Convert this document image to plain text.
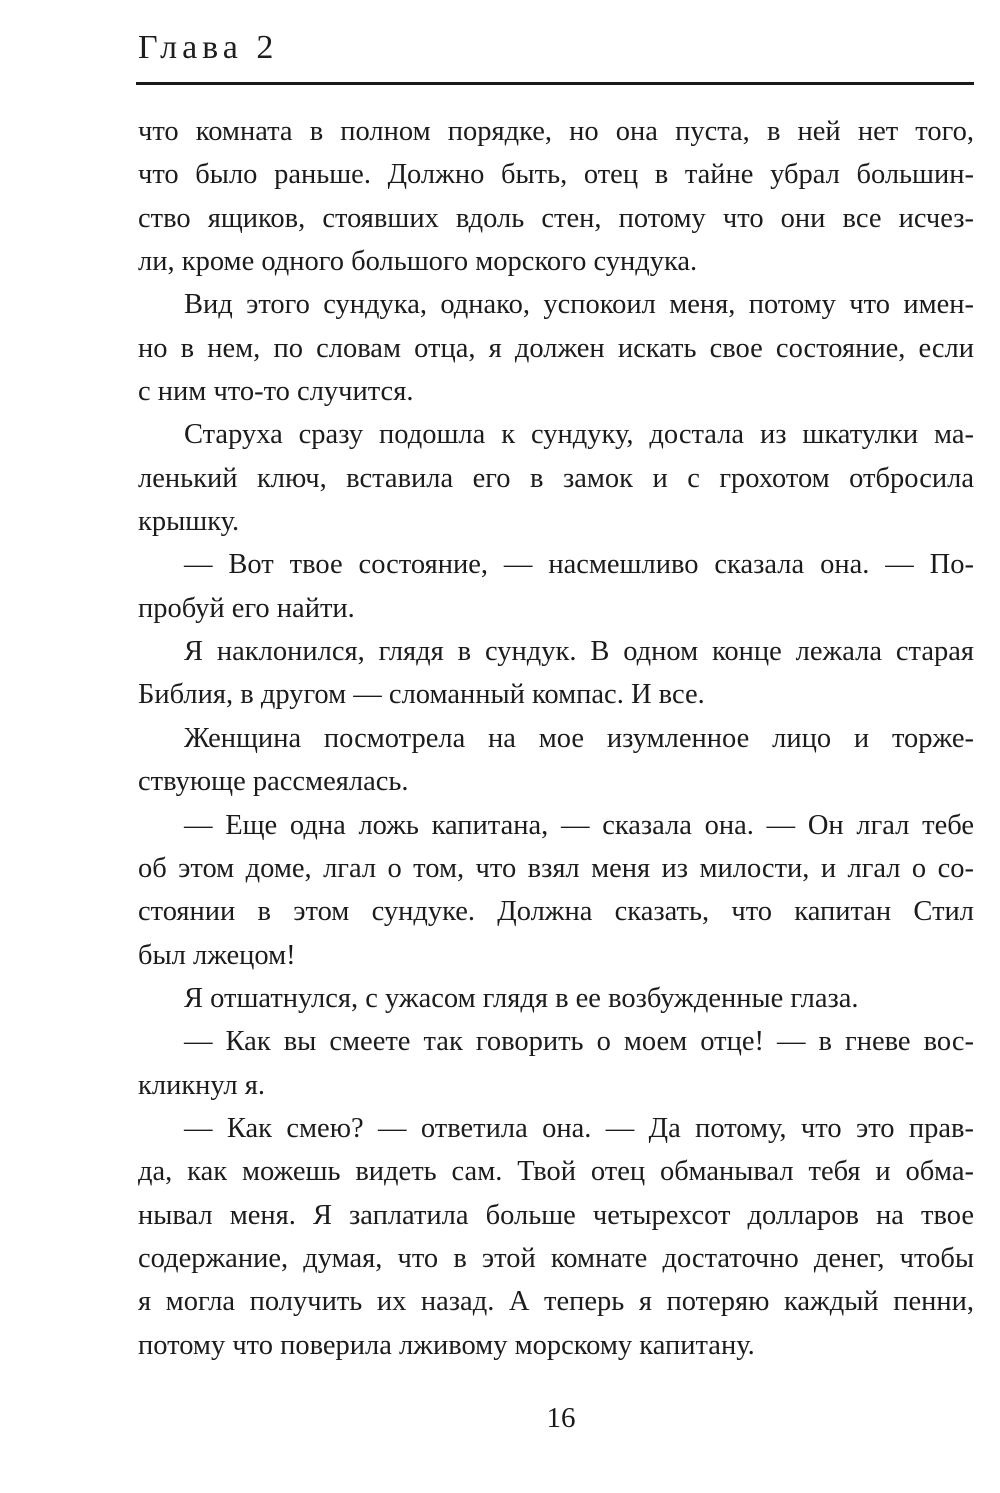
Глава 2
что комната в полном порядке, но она пуста, в ней нет того,
что было раньше. Должно быть, отец в тайне убрал большин-
ство ящиков, стоявших вдоль стен, потому что они все исчез-
ли, кроме одного большого морского сундука.
Вид этого сундука, однако, успокоил меня, потому что имен-
но в нем, по словам отца, я должен искать свое состояние, если
с ним что-то случится.
Старуха сразу подошла к сундуку, достала из шкатулки ма-
ленький ключ, вставила его в замок и с грохотом отбросила
крышку.
— Вот твое состояние, — насмешливо сказала она. — По-
пробуй его найти.
Я наклонился, глядя в сундук. В одном конце лежала старая
Библия, в другом — сломанный компас. И все.
Женщина посмотрела на мое изумленное лицо и торже-
ствующе рассмеялась.
— Еще одна ложь капитана, — сказала она. — Он лгал тебе
об этом доме, лгал о том, что взял меня из милости, и лгал о со-
стоянии в этом сундуке. Должна сказать, что капитан Стил
был лжецом!
Я отшатнулся, с ужасом глядя в ее возбужденные глаза.
— Как вы смеете так говорить о моем отце! — в гневе вос-
кликнул я.
— Как смею? — ответила она. — Да потому, что это прав-
да, как можешь видеть сам. Твой отец обманывал тебя и обма-
нывал меня. Я заплатила больше четырехсот долларов на твое
содержание, думая, что в этой комнате достаточно денег, чтобы
я могла получить их назад. А теперь я потеряю каждый пенни,
потому что поверила лживому морскому капитану.
16
